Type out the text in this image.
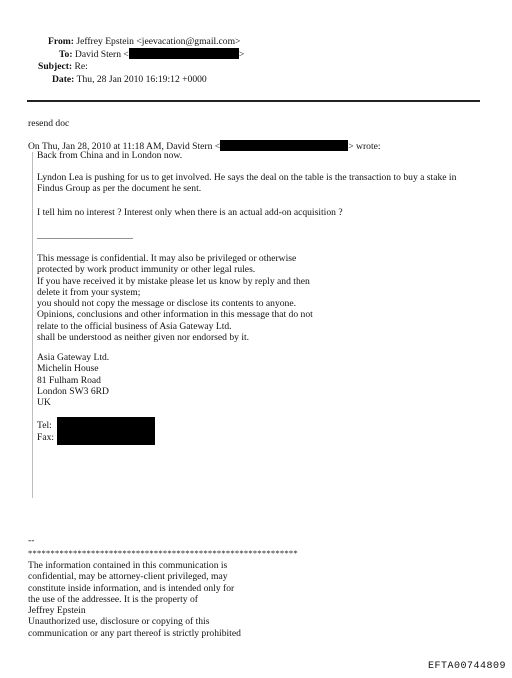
From: Jeffrey Epstein <jeevacation@gmail.com>
To: David Stern <	>
Subject: Re:
Date: Thu, 28 Jan 2010 16:19:12 +0000
resend doc
On Thu, Jan 28, 2010 at 11:18 AM, David Stern <	> wrote:
Back from China and in London now.
Lyndon Lea is pushing for us to get involved. He says the deal on the table is the transaction to buy a stake in
Findus Group as per the document he sent.
I tell him no interest ? Interest only when there is an actual add-on acquisition ?
____________________
This message is confidential. It may also be privileged or otherwise
protected by work product immunity or other legal rules.
If you have received it by mistake please let us know by reply and then
delete it from your system;
you should not copy the message or disclose its contents to anyone.
Opinions, conclusions and other information in this message that do not
relate to the official business of Asia Gateway Ltd.
shall be understood as neither given nor endorsed by it.
Asia Gateway Ltd.
Michelin House
81 Fulham Road
London SW3 6RD
UK
Tel:
Fax:
--
************************************************************
The information contained in this communication is
confidential, may be attorney-client privileged, may
constitute inside information, and is intended only for
the use of the addressee. It is the property of
Jeffrey Epstein
Unauthorized use, disclosure or copying of this
communication or any part thereof is strictly prohibited
EFTA00744809
